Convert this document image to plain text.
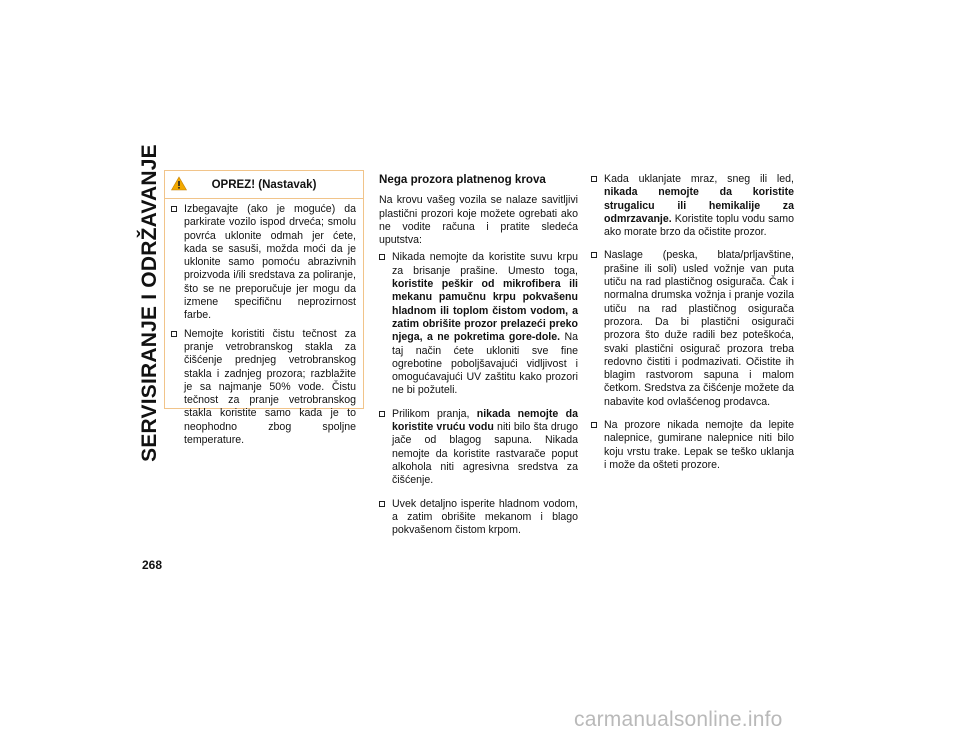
SERVISIRANJE I ODRŽAVANJE
268
OPREZ! (Nastavak)
Izbegavajte (ako je moguće) da parkirate vozilo ispod drveća; smolu povrća uklonite odmah jer ćete, kada se sasuši, možda moći da je uklonite samo pomoću abrazivnih proizvoda i/ili sredstava za poliranje, što se ne preporučuje jer mogu da izmene specifičnu neprozirnost farbe.
Nemojte koristiti čistu tečnost za pranje vetrobranskog stakla za čišćenje prednjeg vetrobranskog stakla i zadnjeg prozora; razblažite je sa najmanje 50% vode. Čistu tečnost za pranje vetrobranskog stakla koristite samo kada je to neophodno zbog spoljne temperature.
Nega prozora platnenog krova
Na krovu vašeg vozila se nalaze savitljivi plastični prozori koje možete ogrebati ako ne vodite računa i pratite sledeća uputstva:
Nikada nemojte da koristite suvu krpu za brisanje prašine. Umesto toga, koristite peškir od mikrofibera ili mekanu pamučnu krpu pokvašenu hladnom ili toplom čistom vodom, a zatim obrišite prozor prelazeći preko njega, a ne pokretima gore-dole. Na taj način ćete ukloniti sve fine ogrebotine poboljšavajući vidljivost i omogućavajući UV zaštitu kako prozori ne bi požuteli.
Prilikom pranja, nikada nemojte da koristite vruću vodu niti bilo šta drugo jače od blagog sapuna. Nikada nemojte da koristite rastvarače poput alkohola niti agresivna sredstva za čišćenje.
Uvek detaljno isperite hladnom vodom, a zatim obrišite mekanom i blago pokvašenom čistom krpom.
Kada uklanjate mraz, sneg ili led, nikada nemojte da koristite strugalicu ili hemikalije za odmrzavanje. Koristite toplu vodu samo ako morate brzo da očistite prozor.
Naslage (peska, blata/prljavštine, prašine ili soli) usled vožnje van puta utiču na rad plastičnog osigurača. Čak i normalna drumska vožnja i pranje vozila utiču na rad plastičnog osigurača prozora. Da bi plastični osigurači prozora što duže radili bez poteškoća, svaki plastični osigurač prozora treba redovno čistiti i podmazivati. Očistite ih blagim rastvorom sapuna i malom četkom. Sredstva za čišćenje možete da nabavite kod ovlašćenog prodavca.
Na prozore nikada nemojte da lepite nalepnice, gumirane nalepnice niti bilo koju vrstu trake. Lepak se teško uklanja i može da ošteti prozore.
carmanualsonline.info
